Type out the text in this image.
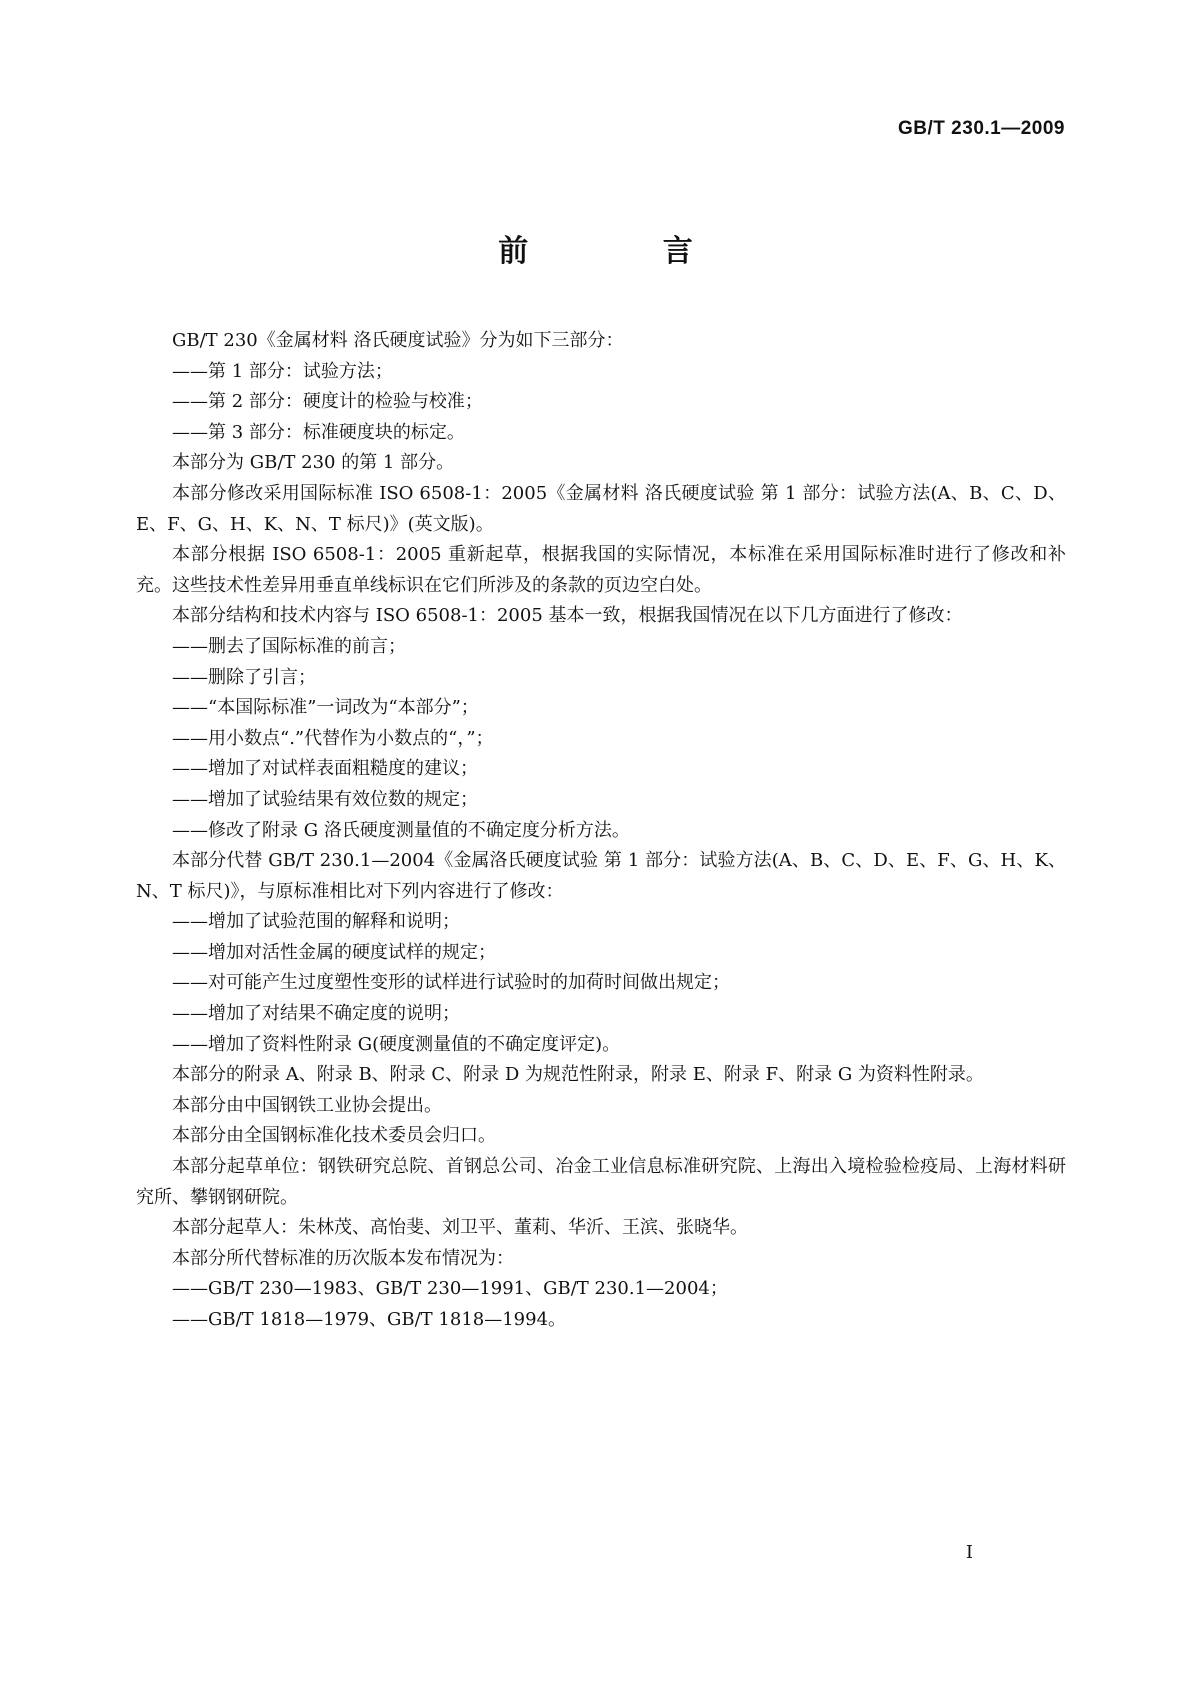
GB/T 230.1—2009
前 言

GB/T 230《金属材料 洛氏硬度试验》分为如下三部分：

——第 1 部分：试验方法；

——第 2 部分：硬度计的检验与校准；

——第 3 部分：标准硬度块的标定。

本部分为 GB/T 230 的第 1 部分。

本部分修改采用国际标准 ISO 6508-1：2005《金属材料 洛氏硬度试验 第 1 部分：试验方法(A、B、C、D、E、F、G、H、K、N、T 标尺)》(英文版)。

本部分根据 ISO 6508-1：2005 重新起草，根据我国的实际情况，本标准在采用国际标准时进行了修改和补充。这些技术性差异用垂直单线标识在它们所涉及的条款的页边空白处。

本部分结构和技术内容与 ISO 6508-1：2005 基本一致，根据我国情况在以下几方面进行了修改：

——删去了国际标准的前言；

——删除了引言；

——“本国际标准”一词改为“本部分”；

——用小数点“.”代替作为小数点的“，”；

——增加了对试样表面粗糙度的建议；

——增加了试验结果有效位数的规定；

——修改了附录 G 洛氏硬度测量值的不确定度分析方法。

本部分代替 GB/T 230.1—2004《金属洛氏硬度试验 第 1 部分：试验方法(A、B、C、D、E、F、G、H、K、N、T 标尺)》，与原标准相比对下列内容进行了修改：

——增加了试验范围的解释和说明；

——增加对活性金属的硬度试样的规定；

——对可能产生过度塑性变形的试样进行试验时的加荷时间做出规定；

——增加了对结果不确定度的说明；

——增加了资料性附录 G(硬度测量值的不确定度评定)。

本部分的附录 A、附录 B、附录 C、附录 D 为规范性附录，附录 E、附录 F、附录 G 为资料性附录。

本部分由中国钢铁工业协会提出。

本部分由全国钢标准化技术委员会归口。

本部分起草单位：钢铁研究总院、首钢总公司、冶金工业信息标准研究院、上海出入境检验检疫局、上海材料研究所、攀钢钢研院。

本部分起草人：朱林茂、高怡斐、刘卫平、董莉、华沂、王滨、张晓华。

本部分所代替标准的历次版本发布情况为：

——GB/T 230—1983、GB/T 230—1991、GB/T 230.1—2004；

——GB/T 1818—1979、GB/T 1818—1994。

I
